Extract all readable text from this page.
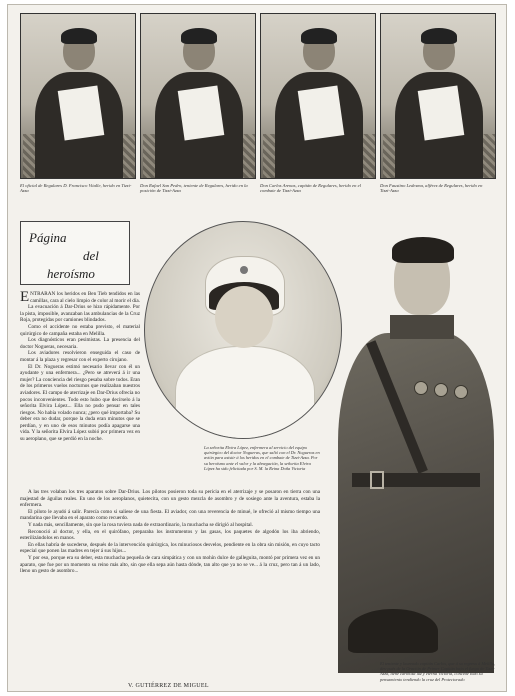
El oficial de Regulares D. Francisco Vitalle, herido en Tizzi-Azza
Don Rafael San Pedro, teniente de Regulares, herido en la posición de Tizzi-Azza
Don Carlos Arenas, capitán de Regulares, herido en el combate de Tizzi-Azza
Don Faustino Ledesma, alférez de Regulares, herido en Tizzi-Azza
Página
del
heroísmo

ENTRARAN los heridos en Ben Tieb tendidos en las camillas, cara al cielo limpio de color al morir el día.

La evacuación á Dar-Drius se hizo rápidamente. Por la pista, imposible, avanzaban las ambulancias de la Cruz Roja, protegidas por camiones blindados.

Como el accidente no estaba previsto, el material quirúrgico de campaña estaba en Melilla.

Los diagnósticos eran pesimistas. La presencia del doctor Nogueras, necesaria.

Los aviadores resolvieron enseguida el caso de montar á la plaza y regresar con el experto cirujano.

El Dr. Nogueras estimó necesario llevar con él un ayudante y una enfermera... ¿Pero se atreverá á ir una mujer? La conciencia del riesgo pesaba sobre todos. Eran de los primeros vuelos nocturnos que realizaban nuestros aviadores. El campo de aterrizaje en Dar-Drius ofrecía no pocos inconvenientes. Todo esto hubo que decírselo á la señorita Elvira López... Ella no pudo pensar en tales riesgos. No había volado nunca; ¿pero qué importaba? Su deber era no dudar, porque la duda eran minutos que se perdían, y en uno de esos minutos podía apagarse una vida. Y la señorita Elvira López subió por primera vez en su aeroplano, que se perdió en la noche.

La señorita Elvira López, enfermera al servicio del equipo quirúrgico del doctor Nogueras, que salió con el Dr. Nogueras en avión para asistir á los heridos en el combate de Tizzi-Azza. Por su heroísmo ante el valor y la abnegación, la señorita Elvira López ha sido felicitada por S. M. la Reina Doña Victoria

A las tres volaban los tres aparatos sobre Dar-Drius. Los pilotos posieron toda su pericia en el aterrizaje y se posaron en tierra con una majestad de águilas reales. En uno de los aeroplanos, quietecita, con un gesto mezcla de asombro y de sosiego ante la aventura, estaba la enfermera.

El piloto le ayudó á salir. Parecía como si saliese de una fiesta. El aviador, con una reverencia de minué, le ofreció al mismo tiempo una mandarina que llevaba en el aparato como recuerdo.

Y nada más, sencillamente, sin que la rosa tuviera nada de extraordinario, la muchacha se dirigió al hospital.

Reconoció al doctor, y ella, en el quirófano, preparaba los instrumentos y las gasas, los paquetes de algodón los iba abriendo, esterilizándolos en manos.

En ellas habría de sucederse, después de la intervención quirúrgica, los minuciosos desvelos, pendiente en la obra sin misión, en cuyo tacto especial que ponen las madres en tejer á sus hijos...

Y por eso, porque era su deber, esta muchacha pequeña de cara simpática y con un mohín dulce de galleguita, montó por primera vez en un aparato, que fue por un momento su reino más alto, sin que ella sepa aún hasta dónde, tan alto que ya no se ve... á la cruz, pero tan á un lado, lleno un gesto de asombro...

El teniente y laureado capitán Carlos, que á su regreso á Melilla, des-pués de la Oración de Primer Capitán bajo el fuego de Tizzi-Azza, tiene cariñosa luz y eterna Victoria, concede todo su pensamiento tendiendo la cruz del Protectorado
V. GUTIÉRREZ DE MIGUEL
